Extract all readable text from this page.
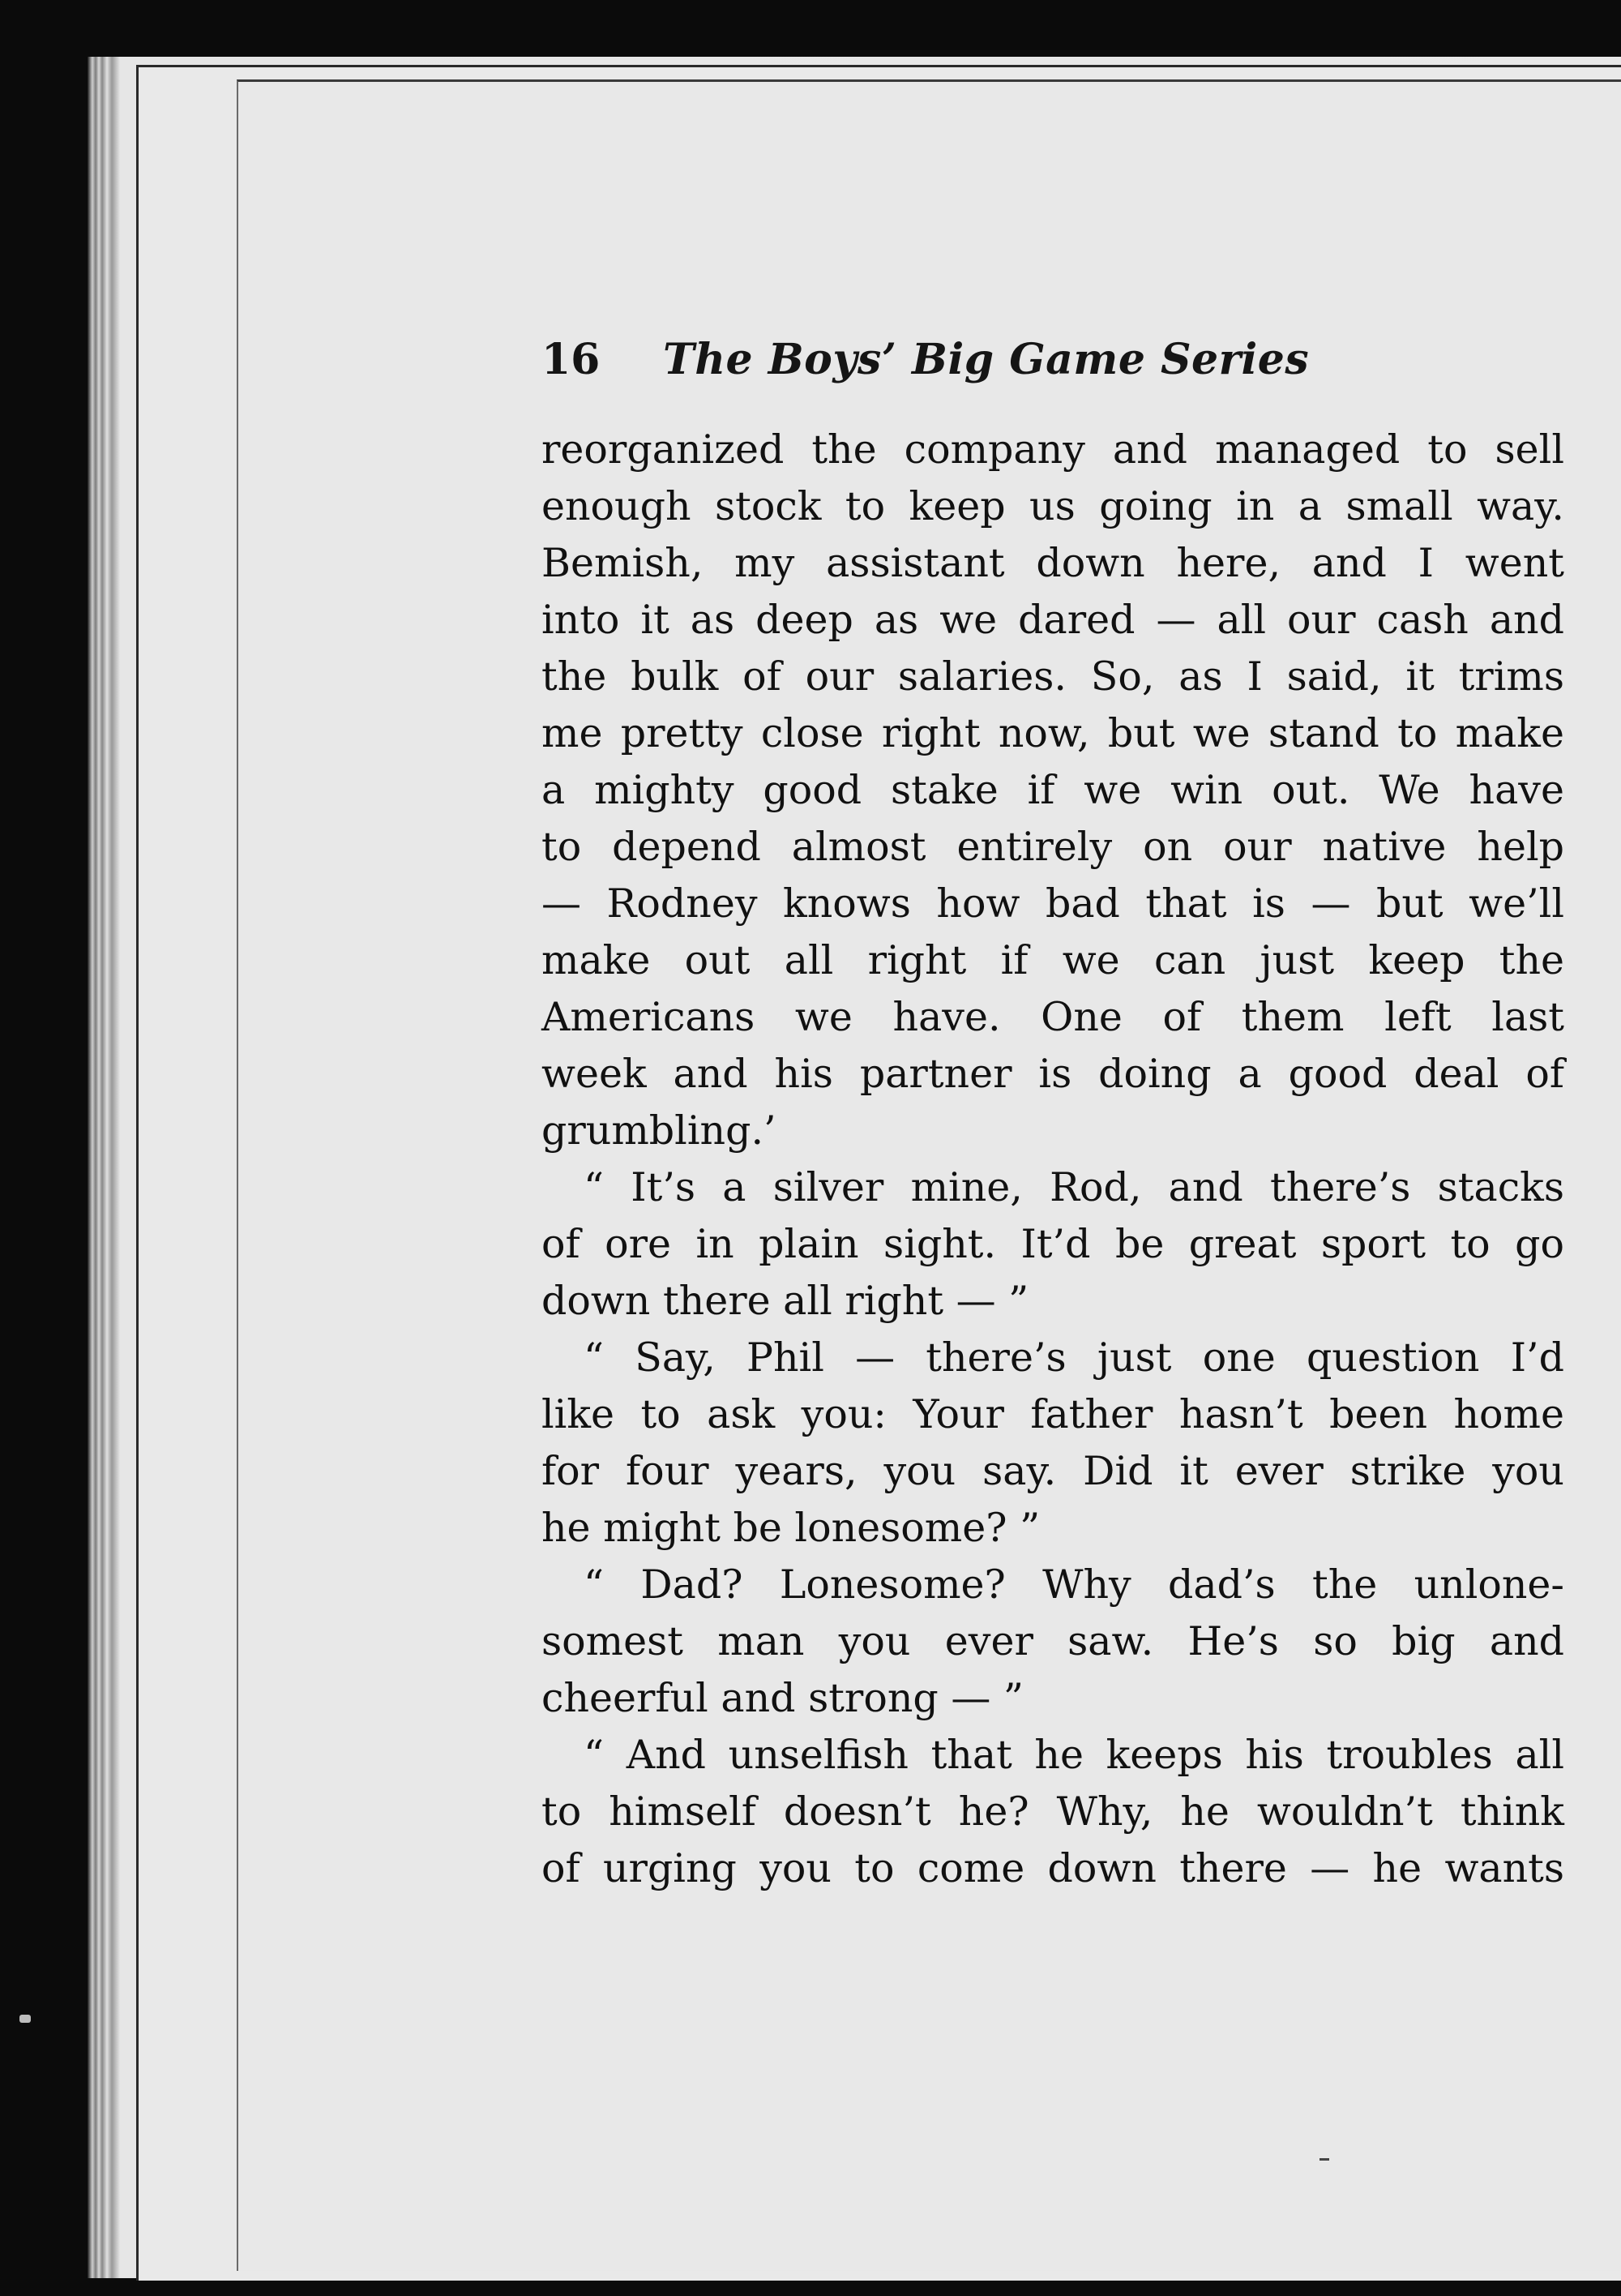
16 The Boys’ Big Game Series
reorganized the company and managed to sell
enough stock to keep us going in a small way.
Bemish, my assistant down here, and I went
into it as deep as we dared — all our cash and
the bulk of our salaries. So, as I said, it trims
me pretty close right now, but we stand to make
a mighty good stake if we win out. We have
to depend almost entirely on our native help
— Rodney knows how bad that is — but we’ll
make out all right if we can just keep the
Americans we have. One of them left last
week and his partner is doing a good deal of
grumbling.’
“ It’s a silver mine, Rod, and there’s stacks
of ore in plain sight. It’d be great sport to go
down there all right — ”
“ Say, Phil — there’s just one question I’d
like to ask you: Your father hasn’t been home
for four years, you say. Did it ever strike you
he might be lonesome? ”
“ Dad? Lonesome? Why dad’s the unlone-
somest man you ever saw. He’s so big and
cheerful and strong — ”
“ And unselfish that he keeps his troubles all
to himself doesn’t he? Why, he wouldn’t think
of urging you to come down there — he wants
